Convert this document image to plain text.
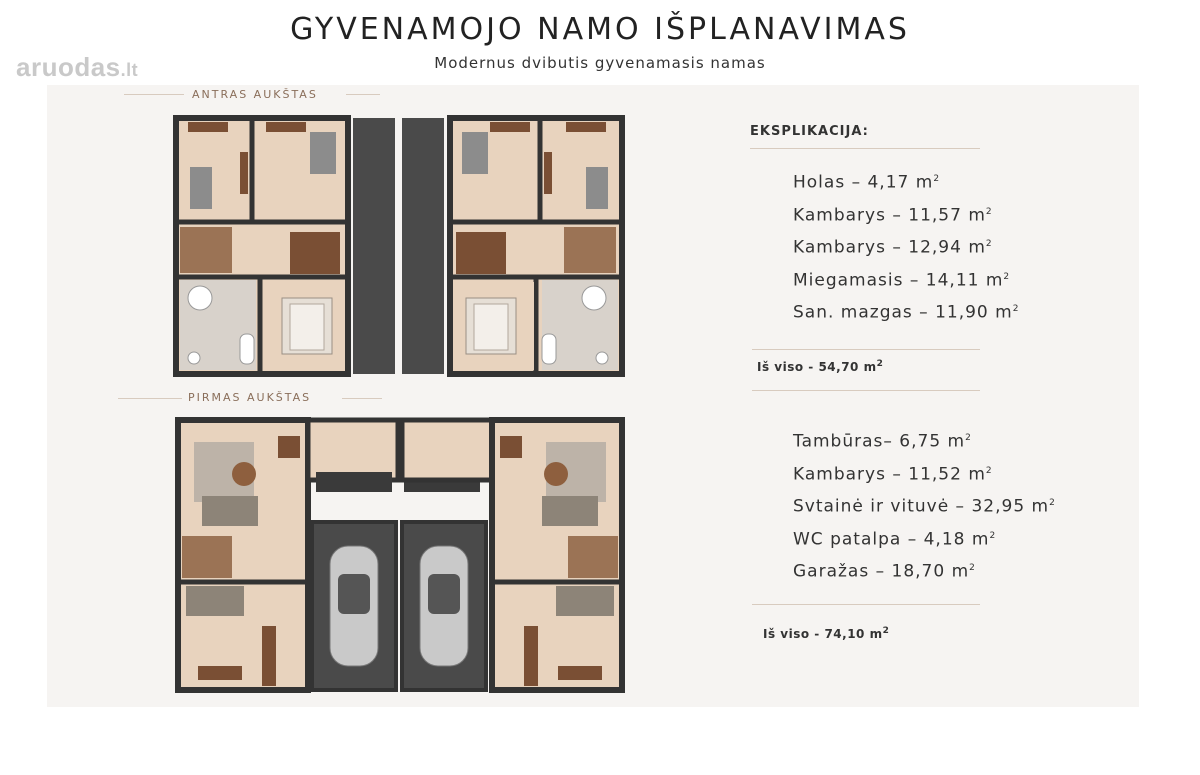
aruodas.lt
GYVENAMOJO NAMO IŠPLANAVIMAS
Modernus dvibutis gyvenamasis namas
ANTRAS AUKŠTAS
PIRMAS AUKŠTAS
EKSPLIKACIJA:
Holas – 4,17 $m^2$
Kambarys – 11,57 $m^2$
Kambarys – 12,94 $m^2$
Miegamasis – 14,11 $m^2$
San. mazgas – 11,90 $m^2$
Iš viso - 54,70 $m^2$
Tambūras– 6,75 $m^2$
Kambarys – 11,52 $m^2$
Svtainė ir vituvė – 32,95 $m^2$
WC patalpa – 4,18 $m^2$
Garažas – 18,70 $m^2$
Iš viso - 74,10 $m^2$
